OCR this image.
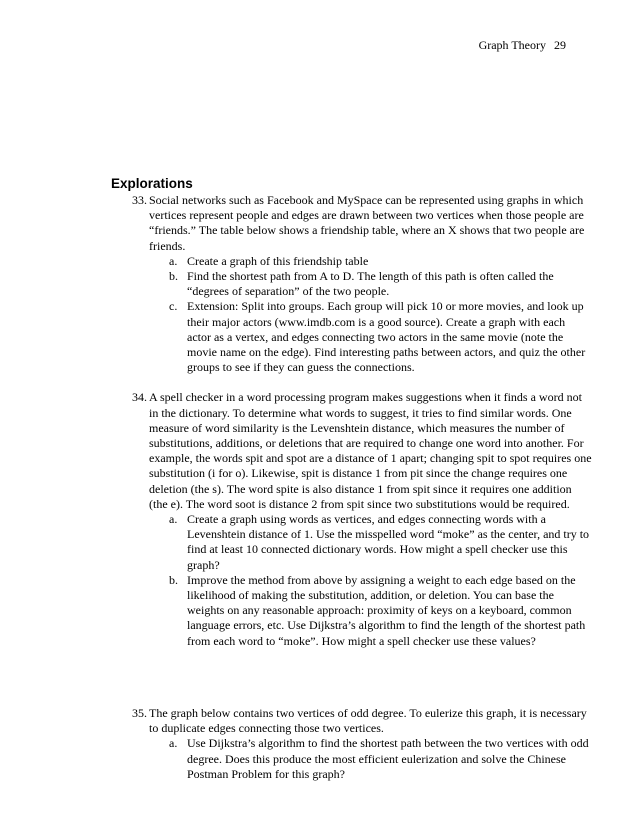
Graph Theory 29
Explorations
33. Social networks such as Facebook and MySpace can be represented using graphs in which vertices represent people and edges are drawn between two vertices when those people are “friends.” The table below shows a friendship table, where an X shows that two people are friends.
a. Create a graph of this friendship table
b. Find the shortest path from A to D. The length of this path is often called the “degrees of separation” of the two people.
c. Extension: Split into groups. Each group will pick 10 or more movies, and look up their major actors (www.imdb.com is a good source). Create a graph with each actor as a vertex, and edges connecting two actors in the same movie (note the movie name on the edge). Find interesting paths between actors, and quiz the other groups to see if they can guess the connections.
34. A spell checker in a word processing program makes suggestions when it finds a word not in the dictionary. To determine what words to suggest, it tries to find similar words. One measure of word similarity is the Levenshtein distance, which measures the number of substitutions, additions, or deletions that are required to change one word into another. For example, the words spit and spot are a distance of 1 apart; changing spit to spot requires one substitution (i for o). Likewise, spit is distance 1 from pit since the change requires one deletion (the s). The word spite is also distance 1 from spit since it requires one addition (the e). The word soot is distance 2 from spit since two substitutions would be required.
a. Create a graph using words as vertices, and edges connecting words with a Levenshtein distance of 1. Use the misspelled word “moke” as the center, and try to find at least 10 connected dictionary words. How might a spell checker use this graph?
b. Improve the method from above by assigning a weight to each edge based on the likelihood of making the substitution, addition, or deletion. You can base the weights on any reasonable approach: proximity of keys on a keyboard, common language errors, etc. Use Dijkstra’s algorithm to find the length of the shortest path from each word to “moke”. How might a spell checker use these values?
35. The graph below contains two vertices of odd degree. To eulerize this graph, it is necessary to duplicate edges connecting those two vertices.
a. Use Dijkstra’s algorithm to find the shortest path between the two vertices with odd degree. Does this produce the most efficient eulerization and solve the Chinese Postman Problem for this graph?
